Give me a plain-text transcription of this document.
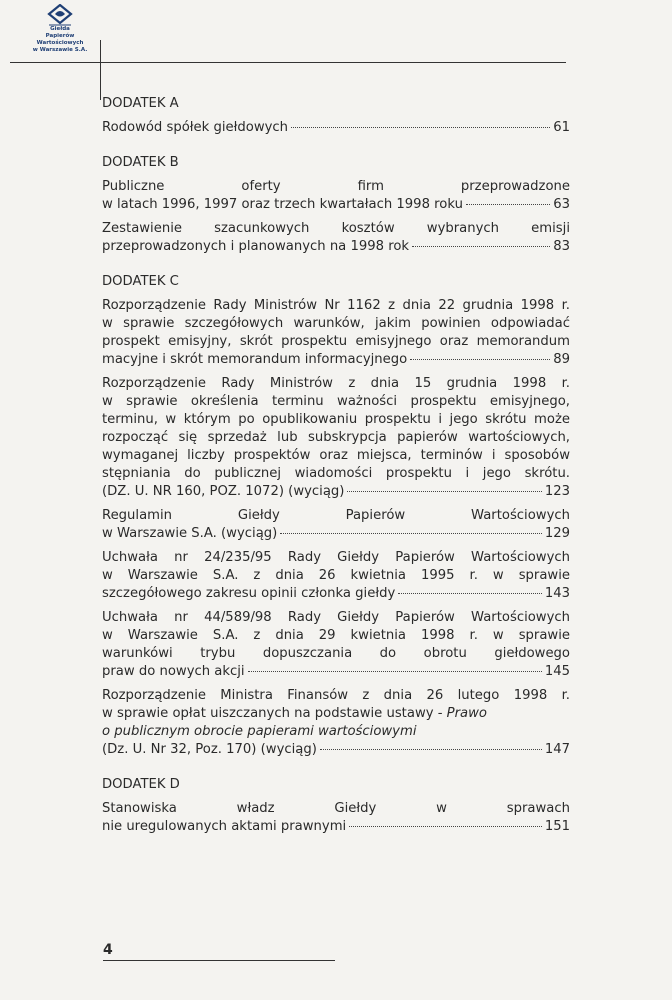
Giełda
Papierów
Wartościowych
w Warszawie S.A.
DODATEK A
Rodowód spółek giełdowych	61
DODATEK B
Publiczne oferty firm przeprowadzone
w latach 1996, 1997 oraz trzech kwartałach 1998 roku	63
Zestawienie szacunkowych kosztów wybranych emisji
przeprowadzonych i planowanych na 1998 rok	83
DODATEK C
Rozporządzenie Rady Ministrów Nr 1162 z dnia 22 grudnia 1998 r.
w sprawie szczegółowych warunków, jakim powinien odpowiadać
prospekt emisyjny, skrót prospektu emisyjnego oraz memorandum
macyjne i skrót memorandum informacyjnego	89
Rozporządzenie Rady Ministrów z dnia 15 grudnia 1998 r.
w sprawie określenia terminu ważności prospektu emisyjnego,
terminu, w którym po opublikowaniu prospektu i jego skrótu może
rozpocząć się sprzedaż lub subskrypcja papierów wartościowych,
wymaganej liczby prospektów oraz miejsca, terminów i sposobów
stępniania do publicznej wiadomości prospektu i jego skrótu.
(DZ. U. NR 160, POZ. 1072) (wyciąg)	123
Regulamin Giełdy Papierów Wartościowych
w Warszawie S.A. (wyciąg)	129
Uchwała nr 24/235/95 Rady Giełdy Papierów Wartościowych
w Warszawie S.A. z dnia 26 kwietnia 1995 r. w sprawie
szczegółowego zakresu opinii członka giełdy	143
Uchwała nr 44/589/98 Rady Giełdy Papierów Wartościowych
w Warszawie S.A. z dnia 29 kwietnia 1998 r. w sprawie
warunkówi trybu dopuszczania do obrotu giełdowego
praw do nowych akcji	145
Rozporządzenie Ministra Finansów z dnia 26 lutego 1998 r.
w sprawie opłat uiszczanych na podstawie ustawy - Prawo
o publicznym obrocie papierami wartościowymi
(Dz. U. Nr 32, Poz. 170) (wyciąg)	147
DODATEK D
Stanowiska władz Giełdy w sprawach
nie uregulowanych aktami prawnymi	151
4
